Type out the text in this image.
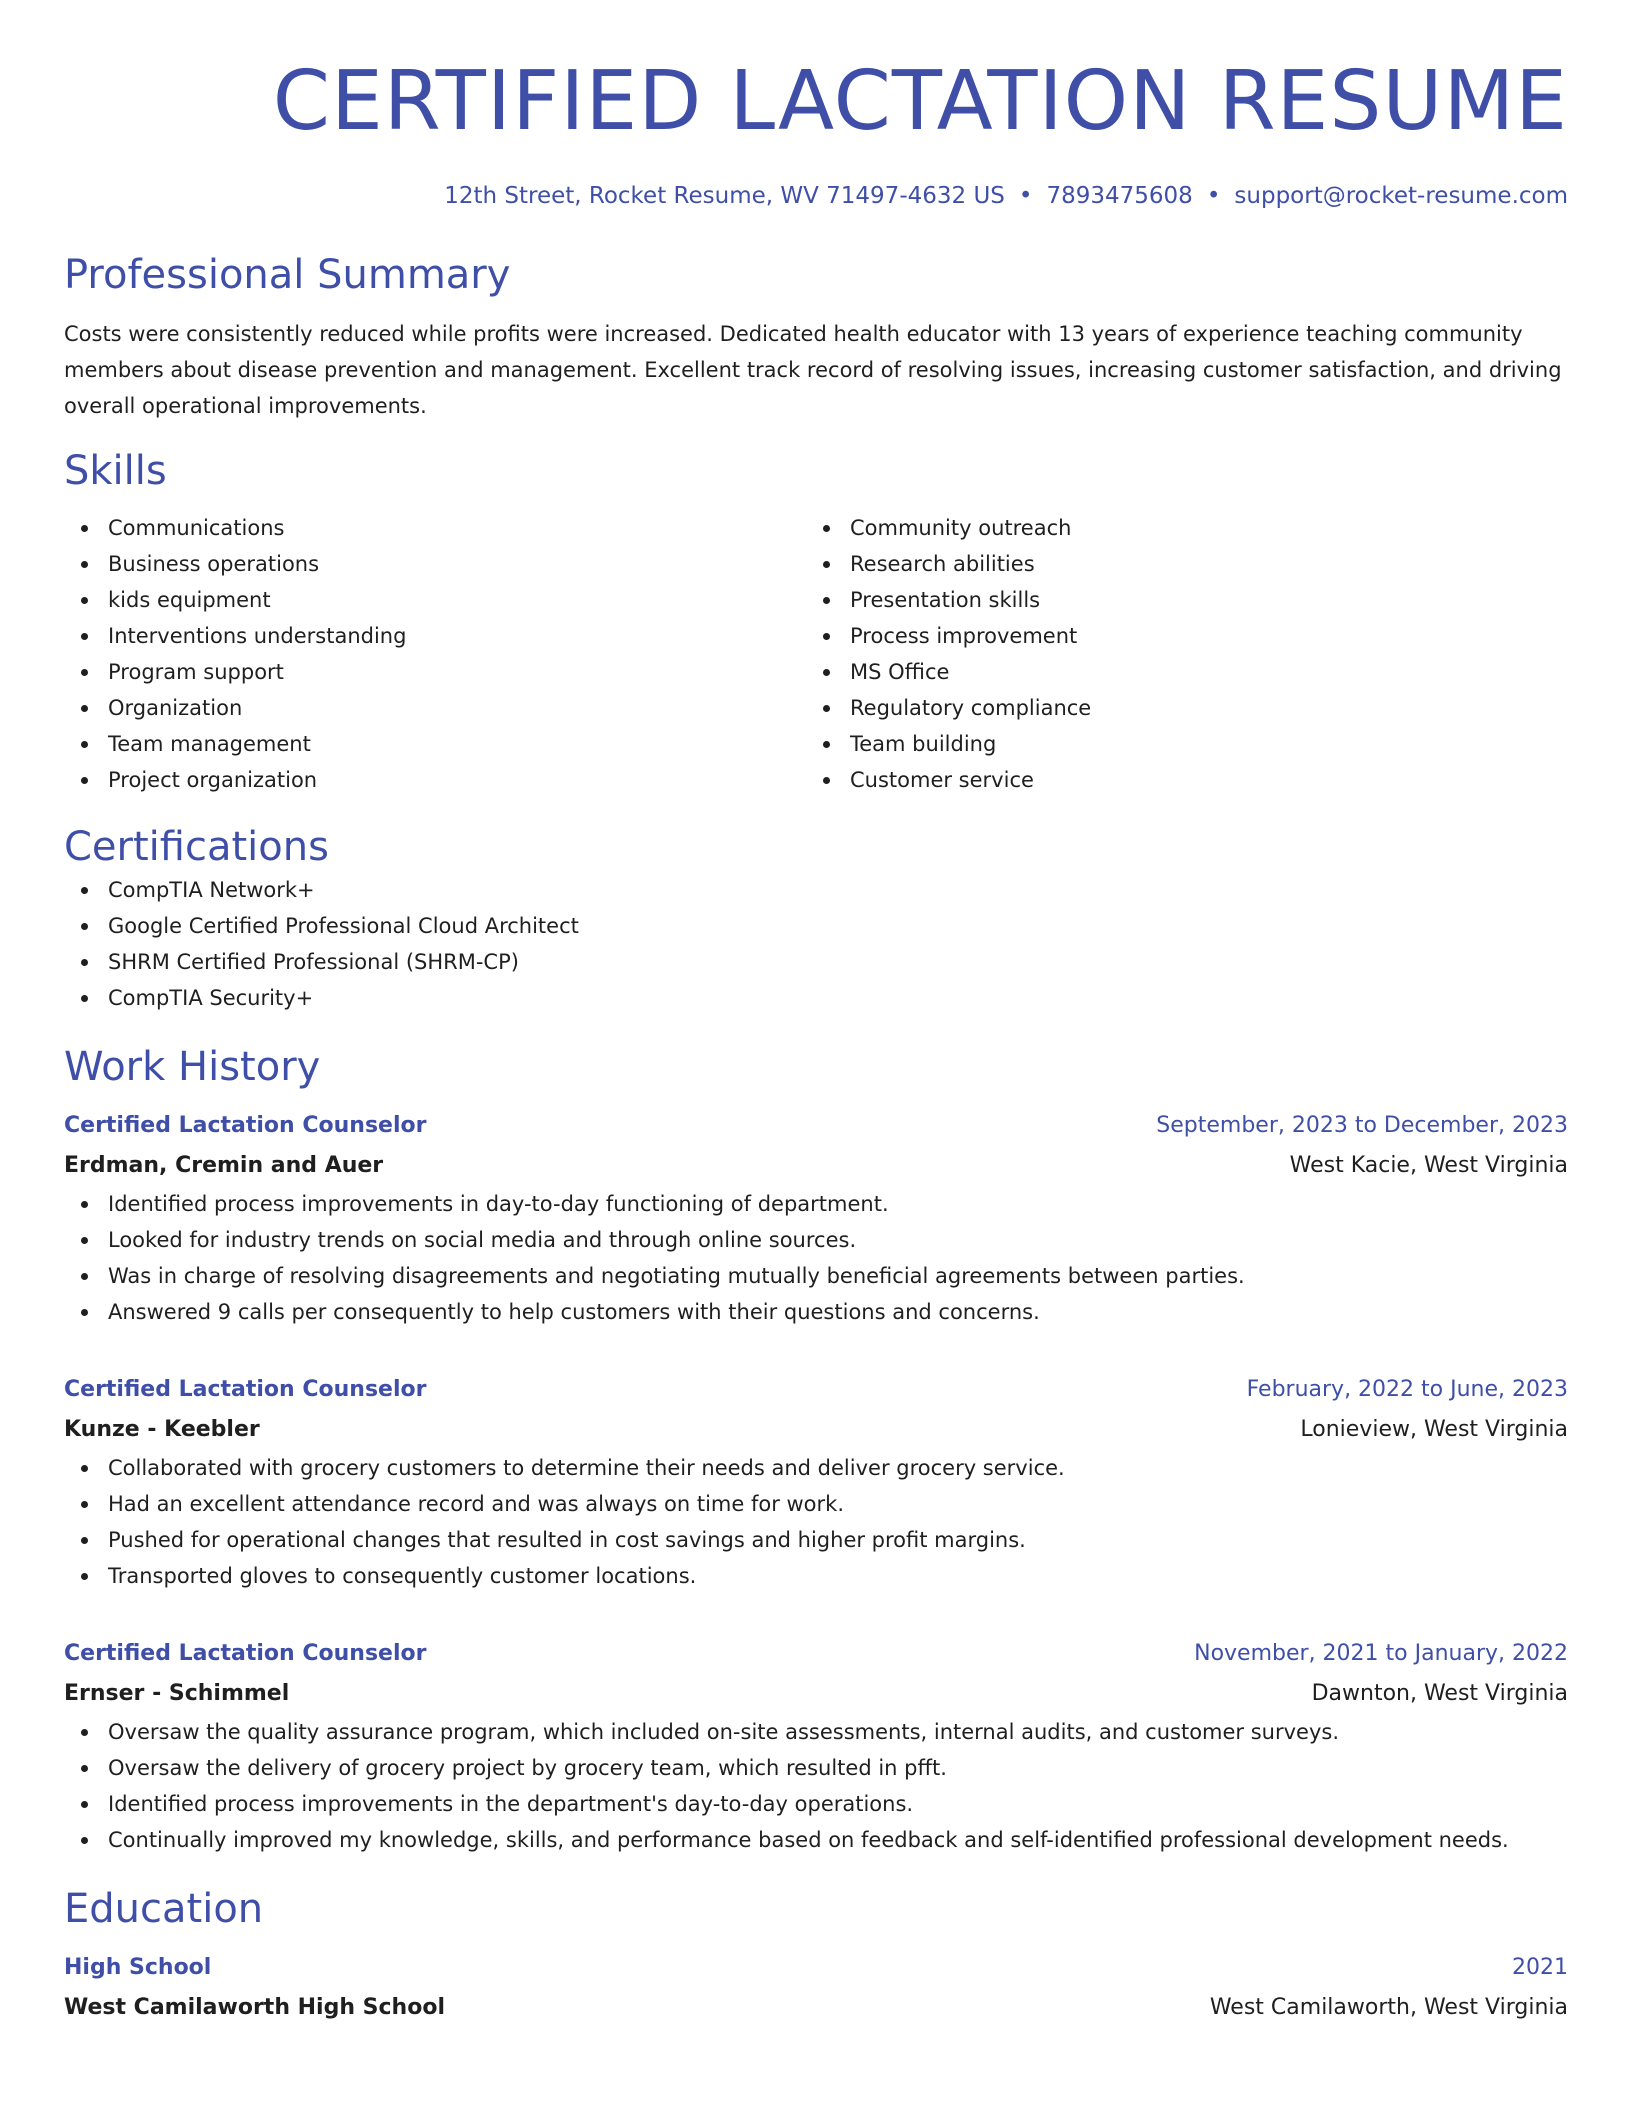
CERTIFIED LACTATION RESUME
12th Street, Rocket Resume, WV 71497-4632 US • 7893475608 • support@rocket-resume.com
Professional Summary

Costs were consistently reduced while profits were increased. Dedicated health educator with 13 years of experience teaching community members about disease prevention and management. Excellent track record of resolving issues, increasing customer satisfaction, and driving overall operational improvements.

Skills
Communications
Business operations
kids equipment
Interventions understanding
Program support
Organization
Team management
Project organization
Community outreach
Research abilities
Presentation skills
Process improvement
MS Office
Regulatory compliance
Team building
Customer service
Certifications
CompTIA Network+
Google Certified Professional Cloud Architect
SHRM Certified Professional (SHRM-CP)
CompTIA Security+
Work History
Certified Lactation Counselor	September, 2023 to December, 2023
Erdman, Cremin and Auer	West Kacie, West Virginia
Identified process improvements in day-to-day functioning of department.
Looked for industry trends on social media and through online sources.
Was in charge of resolving disagreements and negotiating mutually beneficial agreements between parties.
Answered 9 calls per consequently to help customers with their questions and concerns.
Certified Lactation Counselor	February, 2022 to June, 2023
Kunze - Keebler	Lonieview, West Virginia
Collaborated with grocery customers to determine their needs and deliver grocery service.
Had an excellent attendance record and was always on time for work.
Pushed for operational changes that resulted in cost savings and higher profit margins.
Transported gloves to consequently customer locations.
Certified Lactation Counselor	November, 2021 to January, 2022
Ernser - Schimmel	Dawnton, West Virginia
Oversaw the quality assurance program, which included on-site assessments, internal audits, and customer surveys.
Oversaw the delivery of grocery project by grocery team, which resulted in pfft.
Identified process improvements in the department's day-to-day operations.
Continually improved my knowledge, skills, and performance based on feedback and self-identified professional development needs.
Education
High School	2021
West Camilaworth High School	West Camilaworth, West Virginia
